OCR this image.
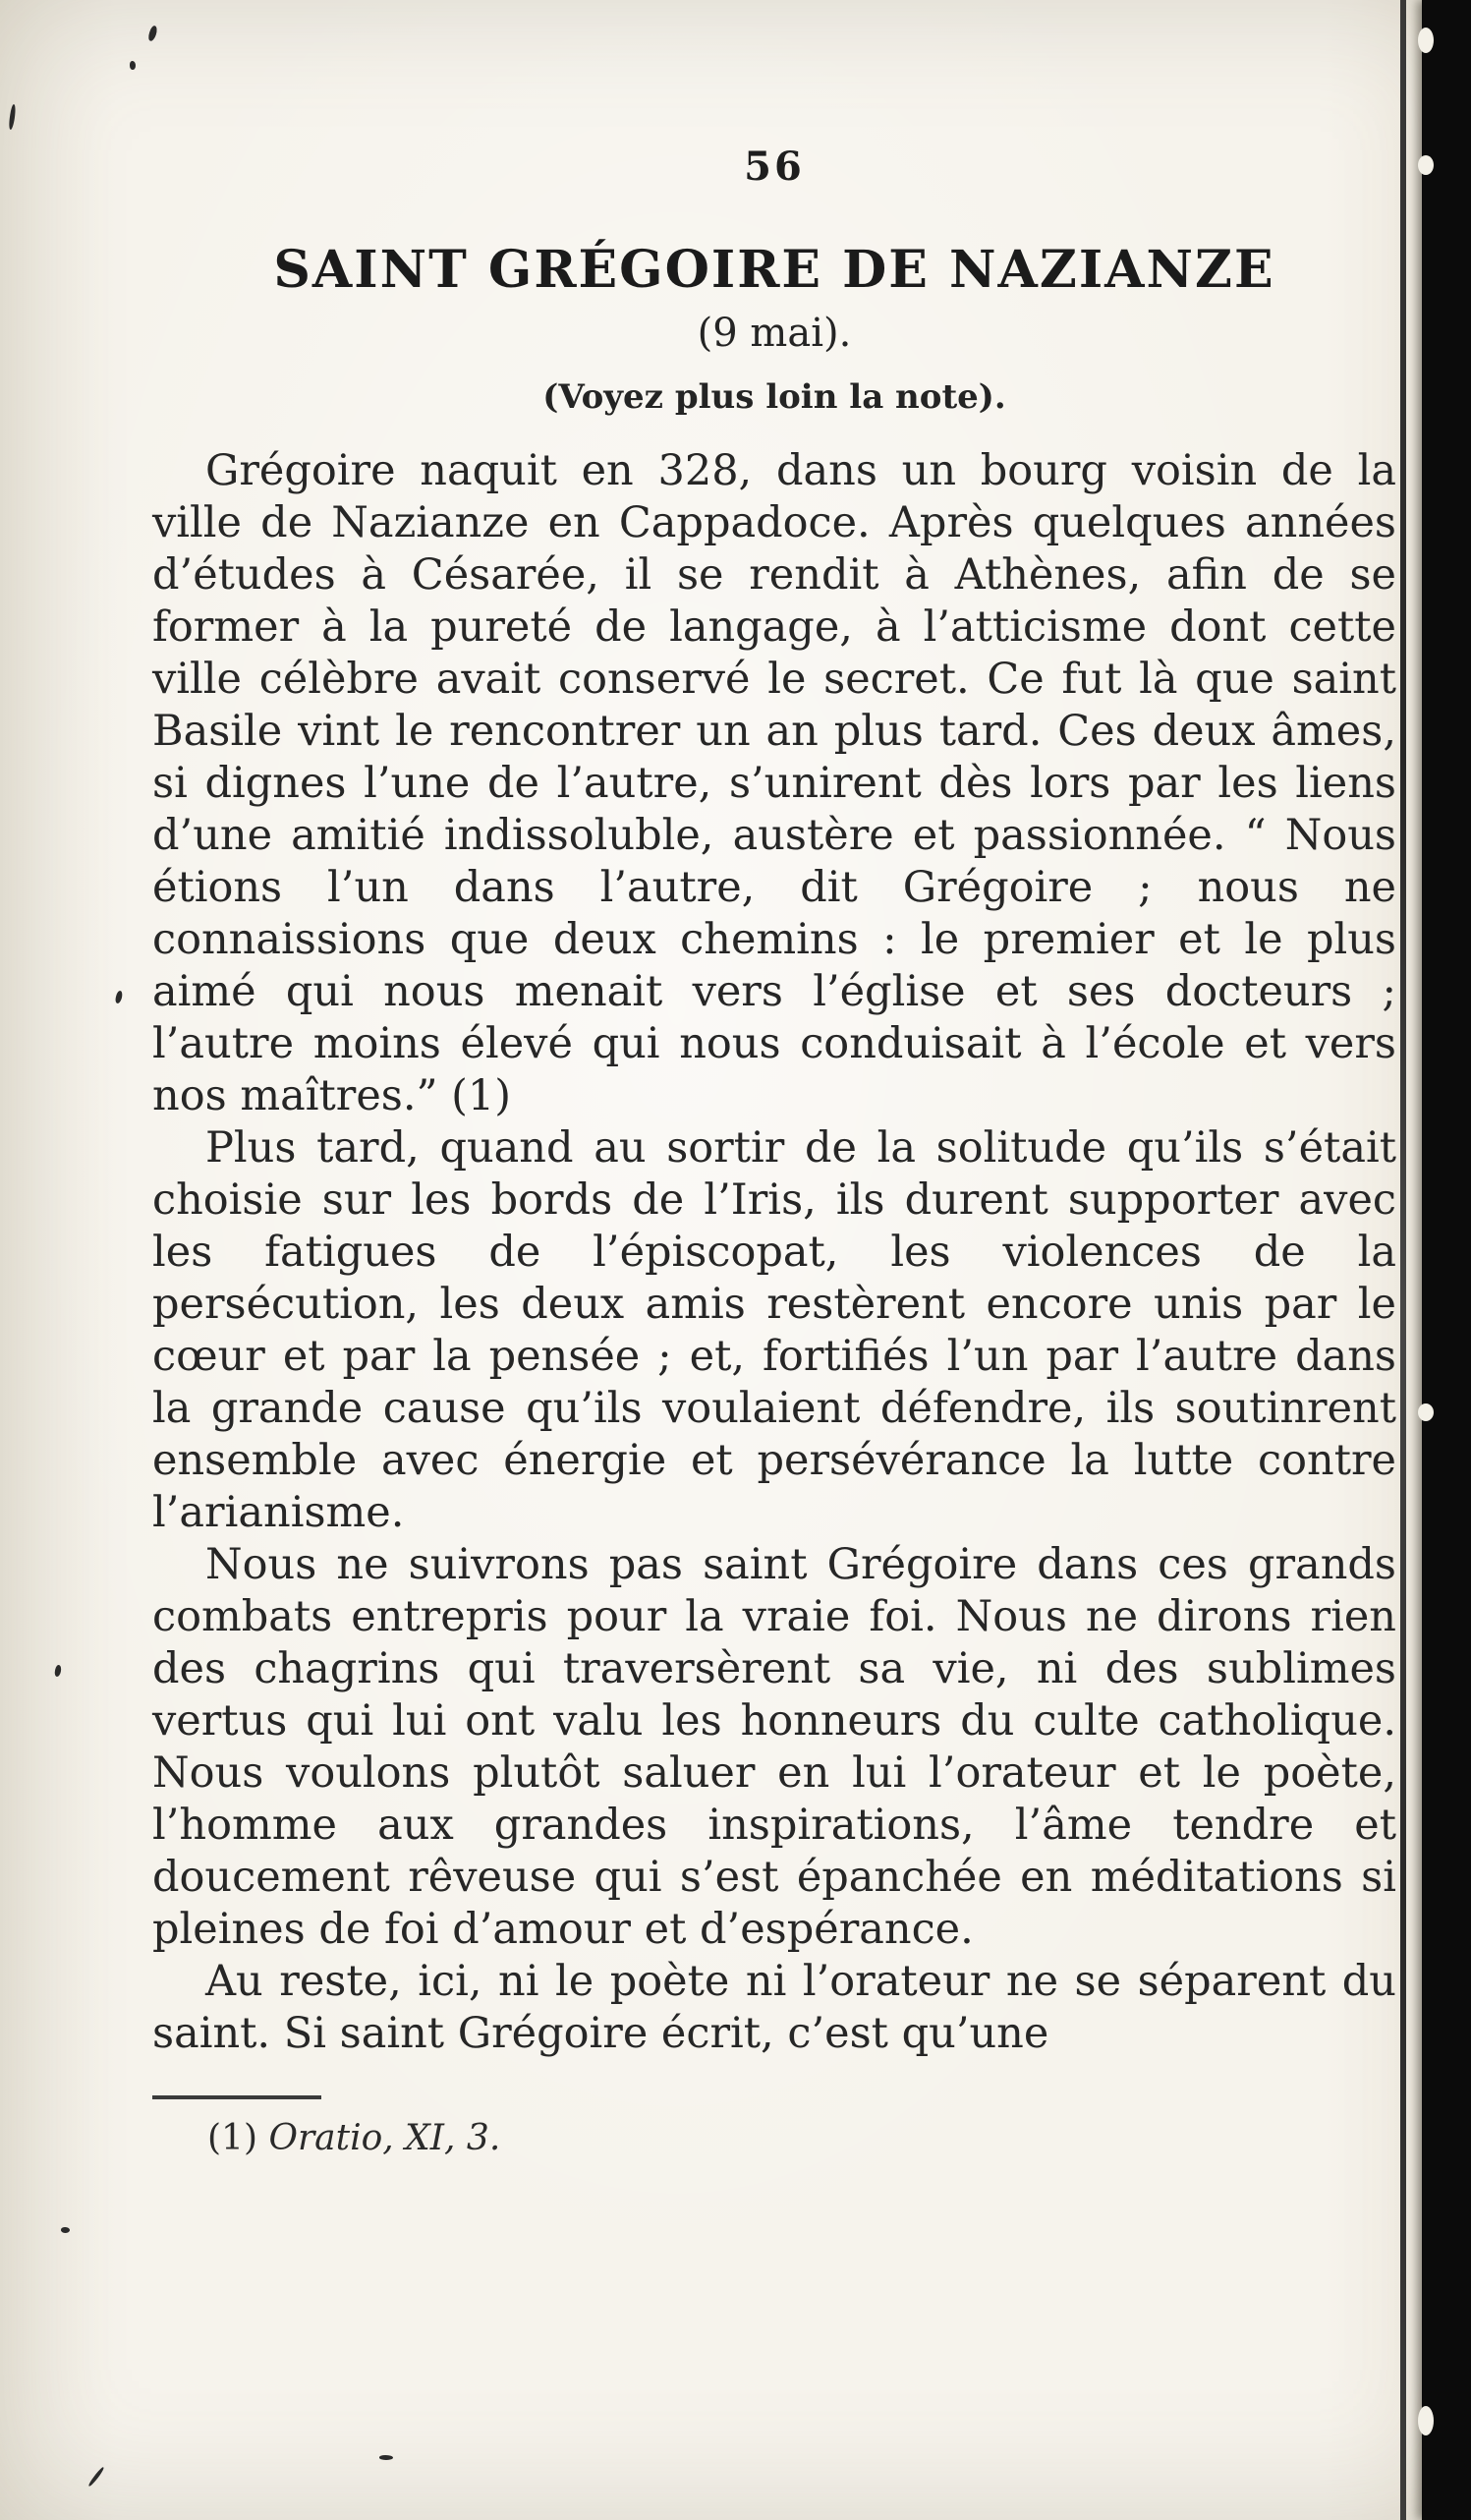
56
SAINT GRÉGOIRE DE NAZIANZE
(9 mai).
(Voyez plus loin la note).

Grégoire naquit en 328, dans un bourg voisin de la ville de Nazianze en Cappadoce. Après quelques années d’études à Césarée, il se rendit à Athènes, afin de se former à la pureté de langage, à l’atticisme dont cette ville célèbre avait conservé le secret. Ce fut là que saint Basile vint le rencontrer un an plus tard. Ces deux âmes, si dignes l’une de l’autre, s’unirent dès lors par les liens d’une amitié indissoluble, austère et passionnée. “ Nous étions l’un dans l’autre, dit Grégoire ; nous ne connaissions que deux chemins : le premier et le plus aimé qui nous menait vers l’église et ses docteurs ; l’autre moins élevé qui nous conduisait à l’école et vers nos maîtres.” (1)

Plus tard, quand au sortir de la solitude qu’ils s’était choisie sur les bords de l’Iris, ils durent supporter avec les fatigues de l’épiscopat, les violences de la persécution, les deux amis restèrent encore unis par le cœur et par la pensée ; et, fortifiés l’un par l’autre dans la grande cause qu’ils voulaient défendre, ils soutinrent ensemble avec énergie et persévérance la lutte contre l’arianisme.

Nous ne suivrons pas saint Grégoire dans ces grands combats entrepris pour la vraie foi. Nous ne dirons rien des chagrins qui traversèrent sa vie, ni des sublimes vertus qui lui ont valu les honneurs du culte catholique. Nous voulons plutôt saluer en lui l’orateur et le poète, l’homme aux grandes inspirations, l’âme tendre et doucement rêveuse qui s’est épanchée en méditations si pleines de foi d’amour et d’espérance.

Au reste, ici, ni le poète ni l’orateur ne se séparent du saint. Si saint Grégoire écrit, c’est qu’une

(1) Oratio, XI, 3.
